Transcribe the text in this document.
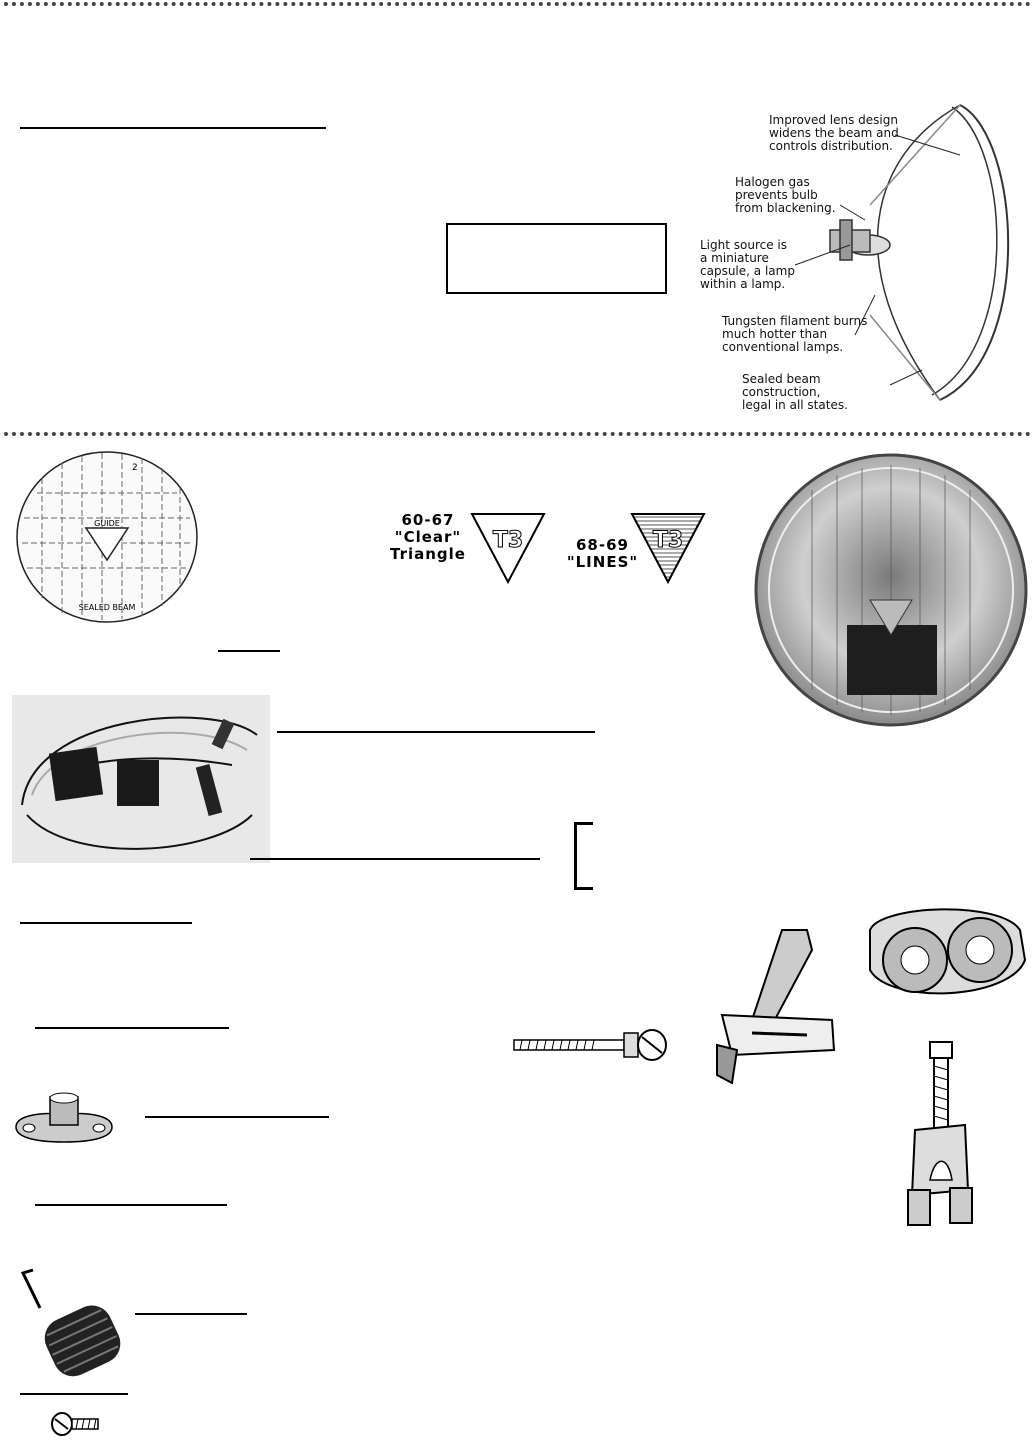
Improved lens design
widens the beam and
controls distribution.
Halogen gas
prevents bulb
from blackening.
Light source is
a miniature
capsule, a lamp
within a lamp.
Tungsten filament burns
much hotter than
conventional lamps.
Sealed beam construction,
legal in all states.
GUIDE
2
SEALED BEAM
60-67
"Clear"
Triangle
T3	68-69
"LINES"
T3
